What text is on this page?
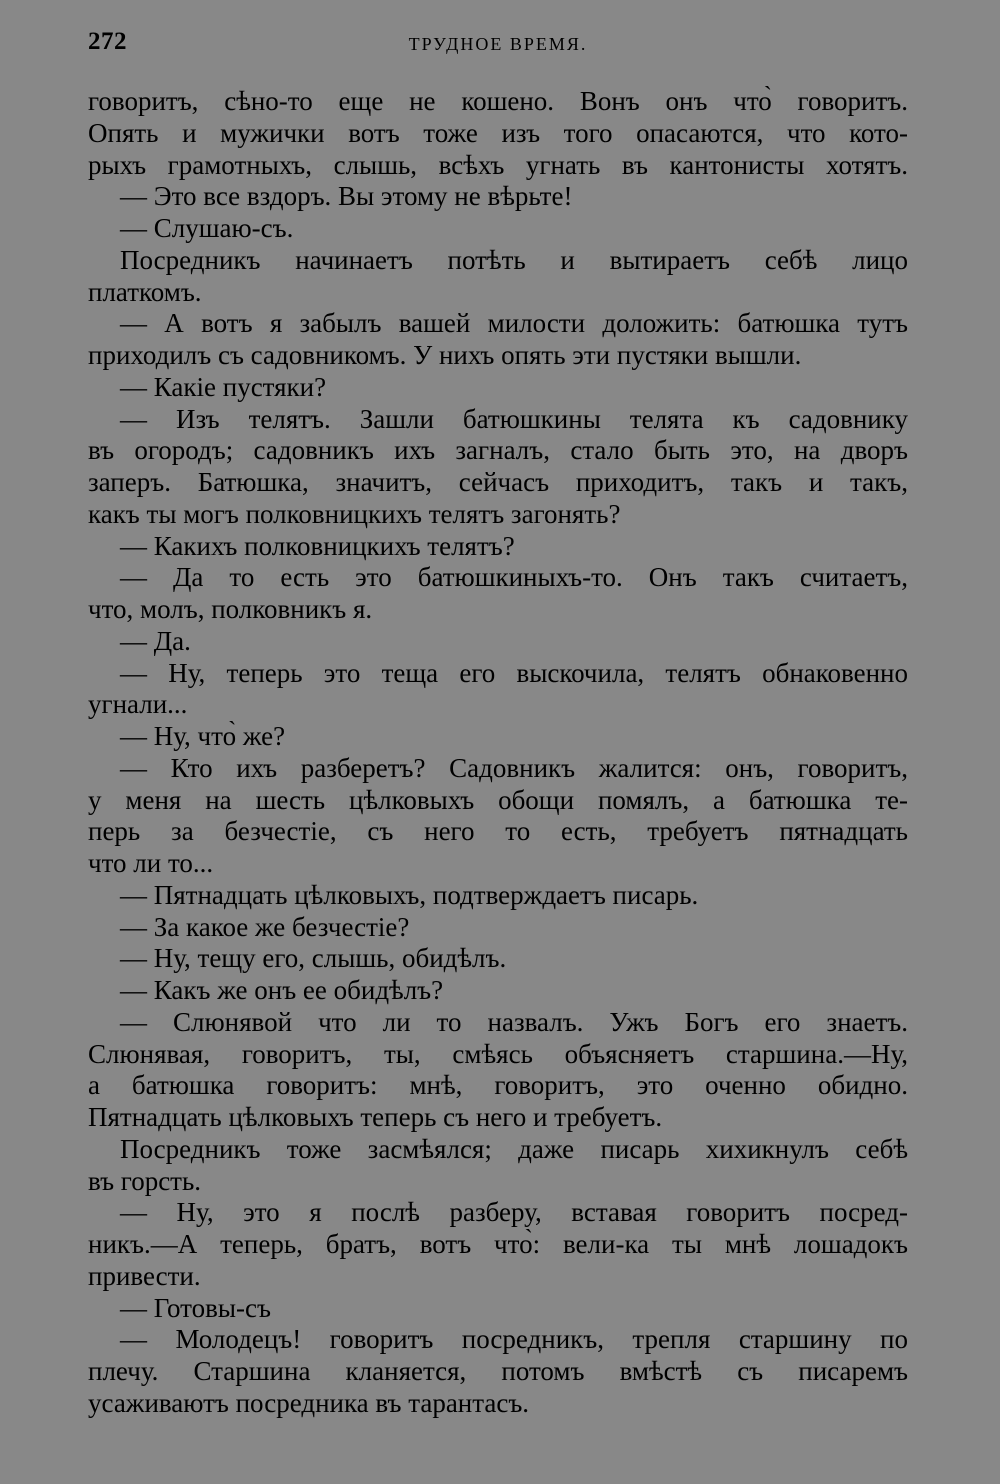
272	ТРУДНОЕ ВРЕМЯ.
говоритъ, сѣно-то еще не кошено. Вонъ онъ что̀ говоритъ.
Опять и мужички вотъ тоже изъ того опасаются, что кото-
рыхъ грамотныхъ, слышь, всѣхъ угнать въ кантонисты хотятъ.
— Это все вздоръ. Вы этому не вѣрьте!
— Слушаю-съ.
Посредникъ начинаетъ потѣть и вытираетъ себѣ лицо
платкомъ.
— А вотъ я забылъ вашей милости доложить: батюшка тутъ
приходилъ съ садовникомъ. У нихъ опять эти пустяки вышли.
— Какіе пустяки?
— Изъ телятъ. Зашли батюшкины телята къ садовнику
въ огородъ; садовникъ ихъ загналъ, стало быть это, на дворъ
заперъ. Батюшка, значитъ, сейчасъ приходитъ, такъ и такъ,
какъ ты могъ полковницкихъ телятъ загонять?
— Какихъ полковницкихъ телятъ?
— Да то есть это батюшкиныхъ-то. Онъ такъ считаетъ,
что, молъ, полковникъ я.
— Да.
— Ну, теперь это теща его выскочила, телятъ обнаковенно
угнали...
— Ну, что̀ же?
— Кто ихъ разберетъ? Садовникъ жалится: онъ, говоритъ,
у меня на шесть цѣлковыхъ обощи помялъ, а батюшка те-
перь за безчестіе, съ него то есть, требуетъ пятнадцать
что ли то...
— Пятнадцать цѣлковыхъ, подтверждаетъ писарь.
— За какое же безчестіе?
— Ну, тещу его, слышь, обидѣлъ.
— Какъ же онъ ее обидѣлъ?
— Слюнявой что ли то назвалъ. Ужъ Богъ его знаетъ.
Слюнявая, говоритъ, ты, смѣясь объясняетъ старшина.—Ну,
а батюшка говоритъ: мнѣ, говоритъ, это оченно обидно.
Пятнадцать цѣлковыхъ теперь съ него и требуетъ.
Посредникъ тоже засмѣялся; даже писарь хихикнулъ себѣ
въ горсть.
— Ну, это я послѣ разберу, вставая говоритъ посред-
никъ.—А теперь, братъ, вотъ что̀: вели-ка ты мнѣ лошадокъ
привести.
— Готовы-съ
— Молодецъ! говоритъ посредникъ, трепля старшину по
плечу. Старшина кланяется, потомъ вмѣстѣ съ писаремъ
усаживаютъ посредника въ тарантасъ.
